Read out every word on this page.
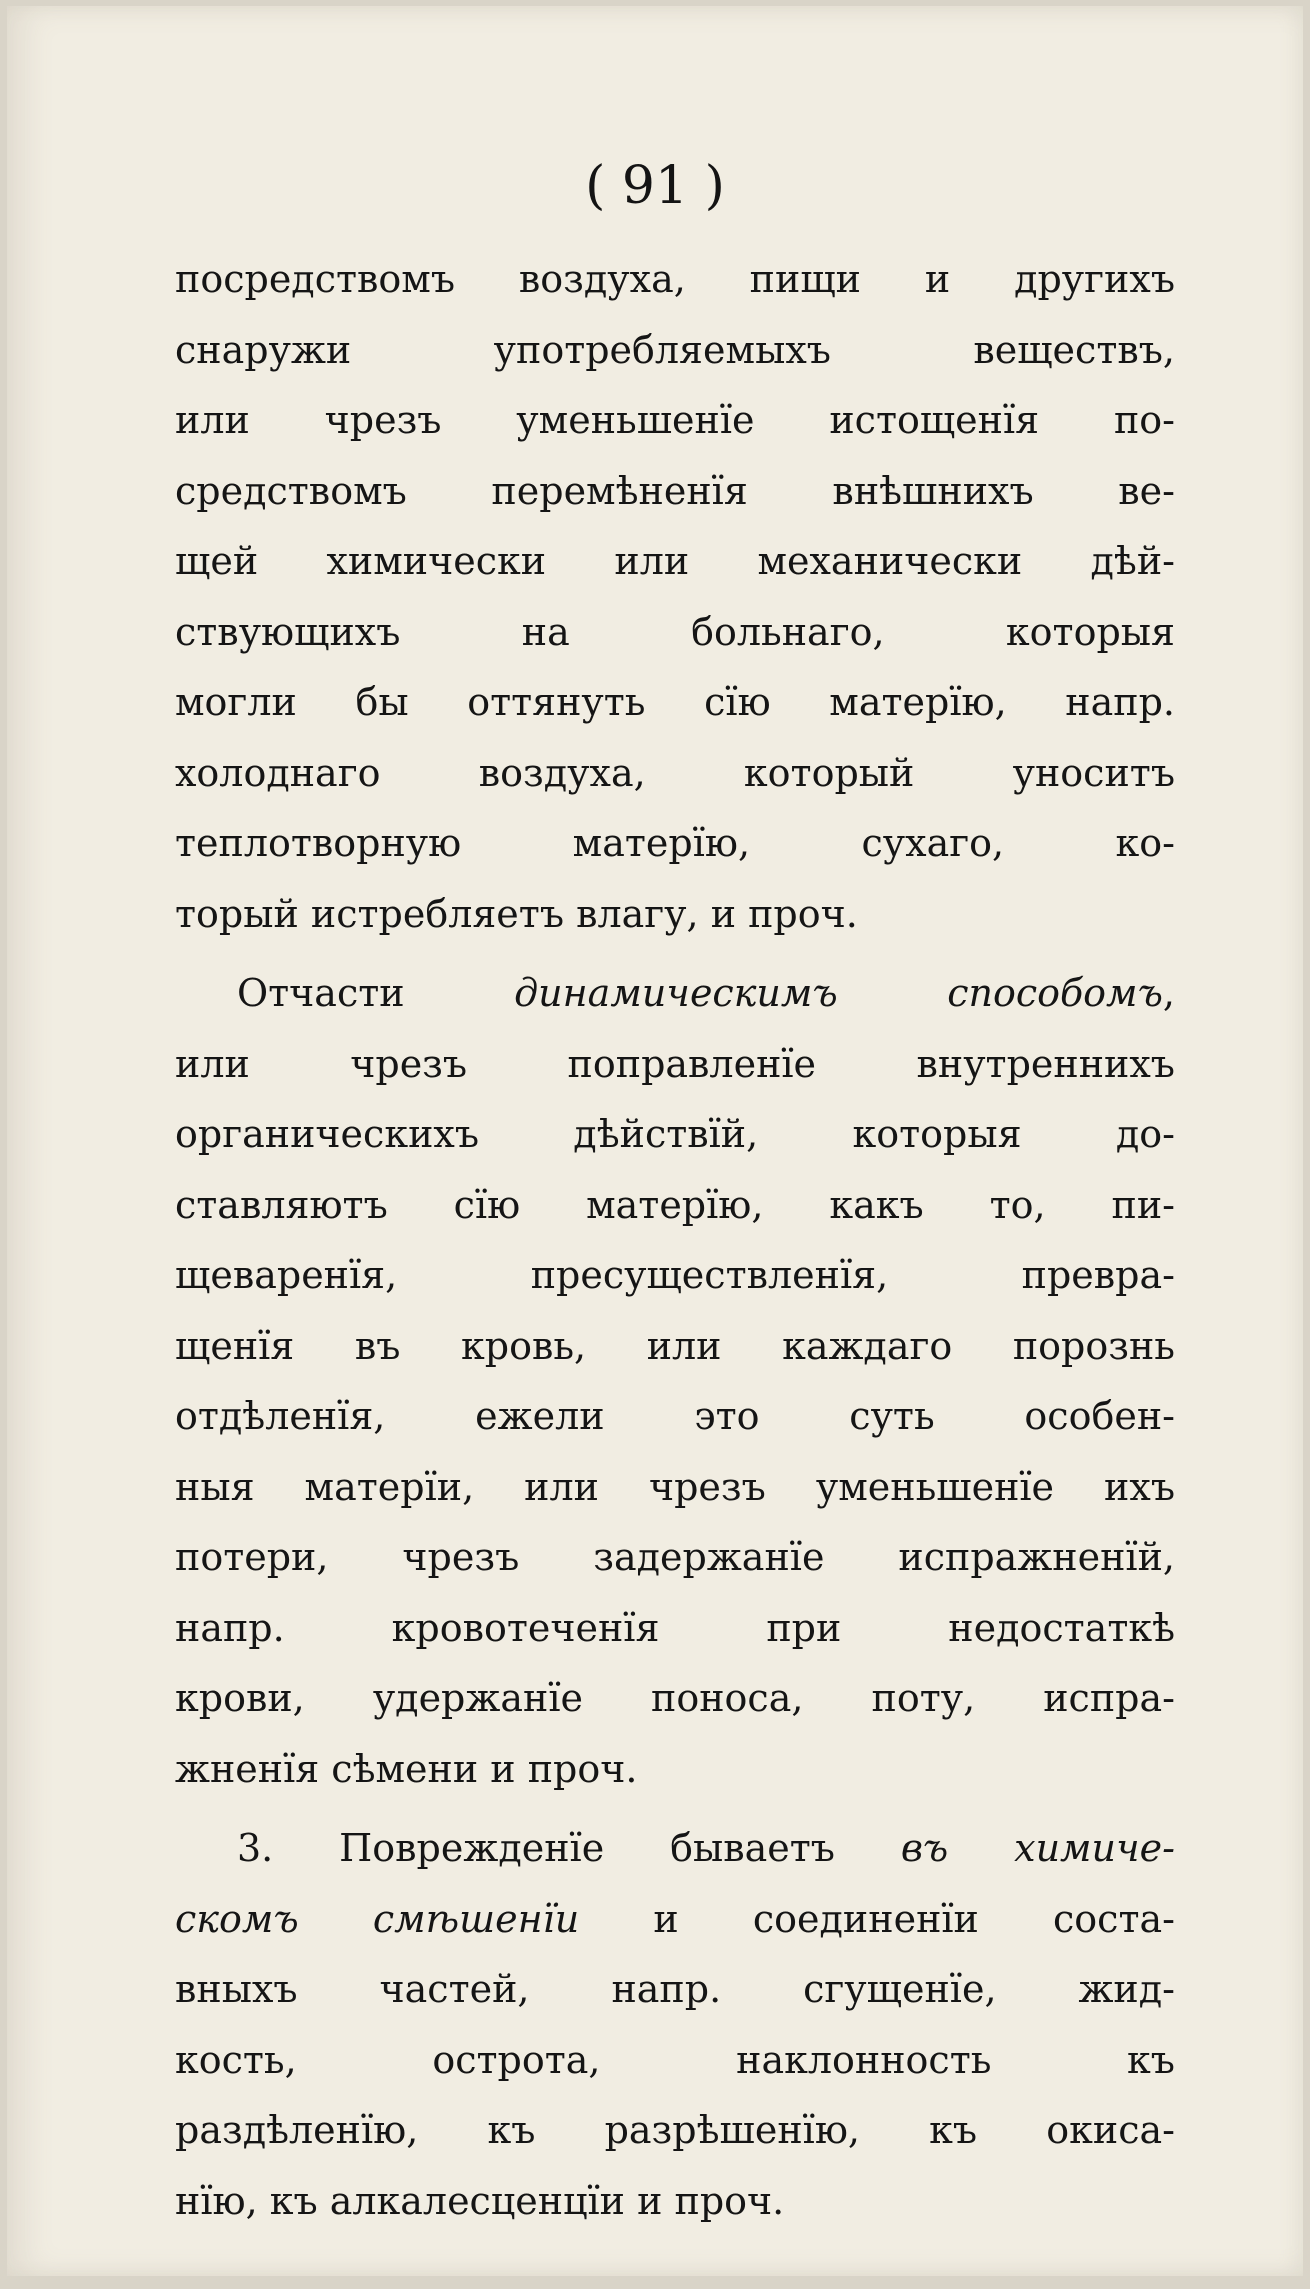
( 91 )
посредствомъ воздуха, пищи и другихъ
снаружи употребляемыхъ веществъ,
или чрезъ уменьшенїе истощенїя по-
средствомъ перемѣненїя внѣшнихъ ве-
щей химически или механически дѣй-
ствующихъ на больнаго, которыя
могли бы оттянуть сїю матерїю, напр.
холоднаго воздуха, который уноситъ
теплотворную матерїю, сухаго, ко-
торый истребляетъ влагу, и проч.
Отчасти динамическимъ способомъ,
или чрезъ поправленїе внутреннихъ
органическихъ дѣйствїй, которыя до-
ставляютъ сїю матерїю, какъ то, пи-
щеваренїя, пресуществленїя, превра-
щенїя въ кровь, или каждаго порознь
отдѣленїя, ежели это суть особен-
ныя матерїи, или чрезъ уменьшенїе ихъ
потери, чрезъ задержанїе испражненїй,
напр. кровотеченїя при недостаткѣ
крови, удержанїе поноса, поту, испра-
жненїя сѣмени и проч.
3. Поврежденїе бываетъ въ химиче-
скомъ смѣшенїи и соединенїи соста-
вныхъ частей, напр. сгущенїе, жид-
кость, острота, наклонность къ
раздѣленїю, къ разрѣшенїю, къ окиса-
нїю, къ алкалесценцїи и проч.
